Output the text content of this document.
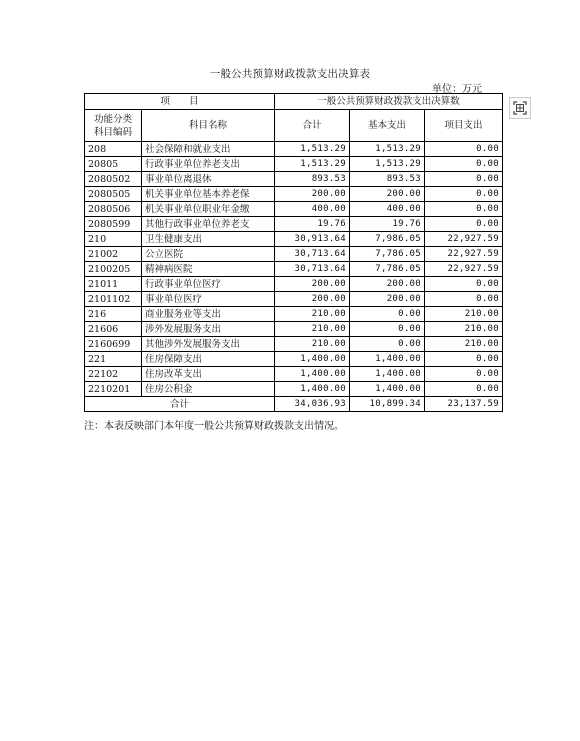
一般公共预算财政拨款支出决算表
单位：万元
项　　目		一般公共预算财政拨款支出决算数		
功能分类
科目编码	科目名称	合计	基本支出	项目支出
208	社会保障和就业支出	1,513.29	1,513.29	0.00
20805	行政事业单位养老支出	1,513.29	1,513.29	0.00
2080502	事业单位离退休	893.53	893.53	0.00
2080505	机关事业单位基本养老保	200.00	200.00	0.00
2080506	机关事业单位职业年金缴	400.00	400.00	0.00
2080599	其他行政事业单位养老支	19.76	19.76	0.00
210	卫生健康支出	30,913.64	7,986.05	22,927.59
21002	公立医院	30,713.64	7,786.05	22,927.59
2100205	精神病医院	30,713.64	7,786.05	22,927.59
21011	行政事业单位医疗	200.00	200.00	0.00
2101102	事业单位医疗	200.00	200.00	0.00
216	商业服务业等支出	210.00	0.00	210.00
21606	涉外发展服务支出	210.00	0.00	210.00
2160699	其他涉外发展服务支出	210.00	0.00	210.00
221	住房保障支出	1,400.00	1,400.00	0.00
22102	住房改革支出	1,400.00	1,400.00	0.00
2210201	住房公积金	1,400.00	1,400.00	0.00
合计		34,036.93	10,899.34	23,137.59
注：本表反映部门本年度一般公共预算财政拨款支出情况。
